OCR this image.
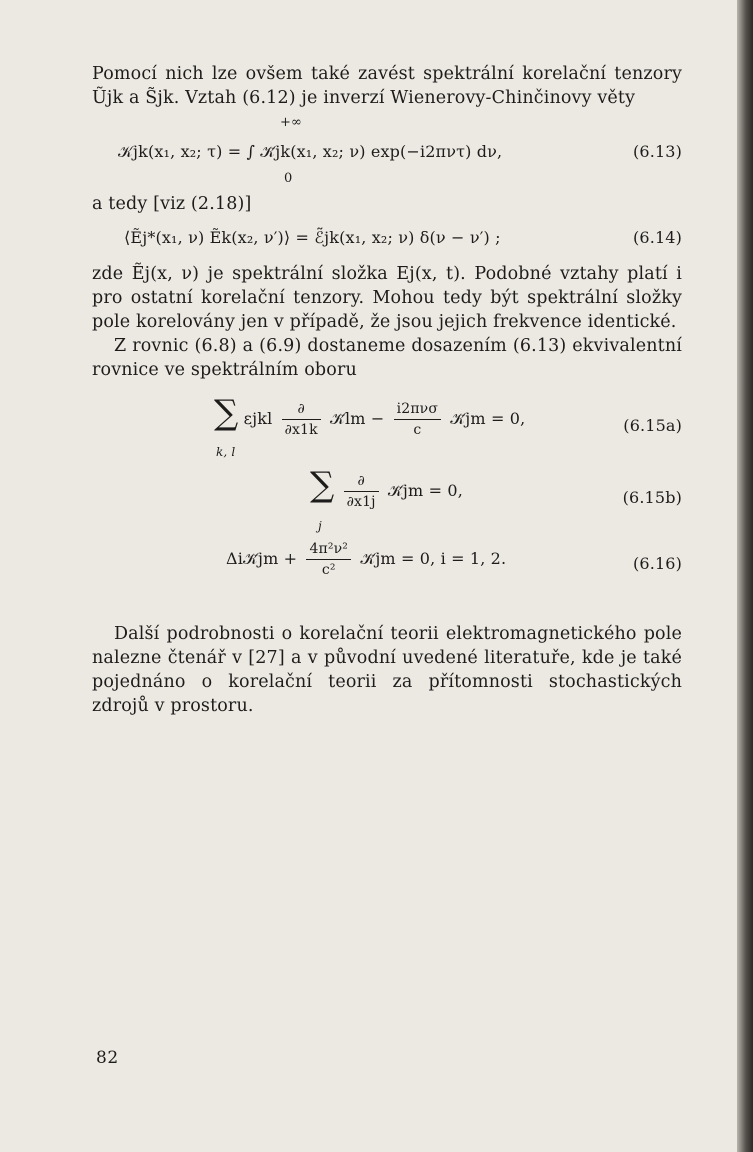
Pomocí nich lze ovšem také zavést spektrální korelační tenzory Ũjk a S̃jk. Vztah (6.12) je inverzí Wienerovy-Chinčinovy věty

+∞
𝒦jk(x₁, x₂; τ) = ∫ 𝒦̃jk(x₁, x₂; ν) exp(−i2πντ) dν,
0
(6.13)

a tedy [viz (2.18)]

⟨Ẽj*(x₁, ν) Ẽk(x₂, ν′)⟩ = ℰ̃jk(x₁, x₂; ν) δ(ν − ν′) ;	(6.14)

zde Ẽj(x, ν) je spektrální složka Ej(x, t). Podobné vztahy platí i pro ostatní korelační tenzory. Mohou tedy být spektrální složky pole korelovány jen v případě, že jsou jejich frekvence identické.

Z rovnic (6.8) a (6.9) dostaneme dosazením (6.13) ekvivalentní rovnice ve spektrálním oboru

∑ εjkl $\frac{\partial}{\partial x1k}$ 𝒦̃lm − $\frac{\text{i2πνσ}}{c}$ 𝒦̃jm = 0,
k, l
(6.15a)
∑ $\frac{\partial}{\partial x1j}$ 𝒦̃jm = 0,
j
(6.15b)
Δi𝒦̃jm + $\frac{\text{4π²ν²}}{\text{c²}}$ 𝒦̃jm = 0, i = 1, 2.	(6.16)

Další podrobnosti o korelační teorii elektromagnetického pole nalezne čtenář v [27] a v původní uvedené literatuře, kde je také pojednáno o korelační teorii za přítomnosti stochastických zdrojů v prostoru.

82
